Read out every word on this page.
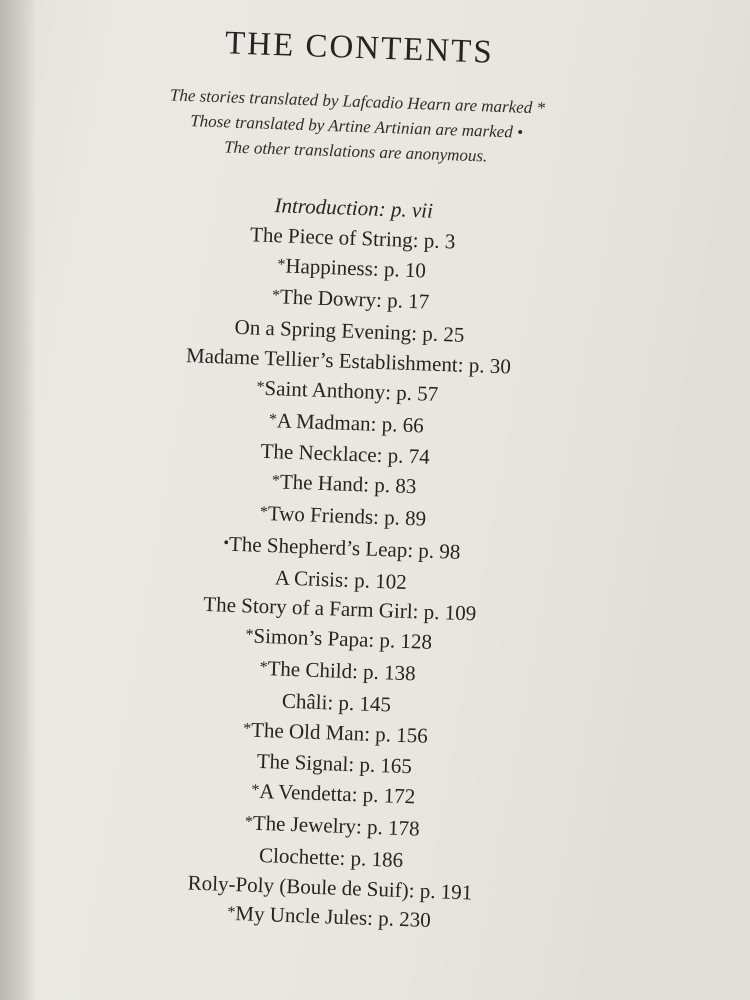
THE CONTENTS
The stories translated by Lafcadio Hearn are marked *
Those translated by Artine Artinian are marked •
The other translations are anonymous.
Introduction: p. vii
The Piece of String: p. 3
*Happiness: p. 10
*The Dowry: p. 17
On a Spring Evening: p. 25
Madame Tellier’s Establishment: p. 30
*Saint Anthony: p. 57
*A Madman: p. 66
The Necklace: p. 74
*The Hand: p. 83
*Two Friends: p. 89
•The Shepherd’s Leap: p. 98
A Crisis: p. 102
The Story of a Farm Girl: p. 109
*Simon’s Papa: p. 128
*The Child: p. 138
Châli: p. 145
*The Old Man: p. 156
The Signal: p. 165
*A Vendetta: p. 172
*The Jewelry: p. 178
Clochette: p. 186
Roly-Poly (Boule de Suif): p. 191
*My Uncle Jules: p. 230
